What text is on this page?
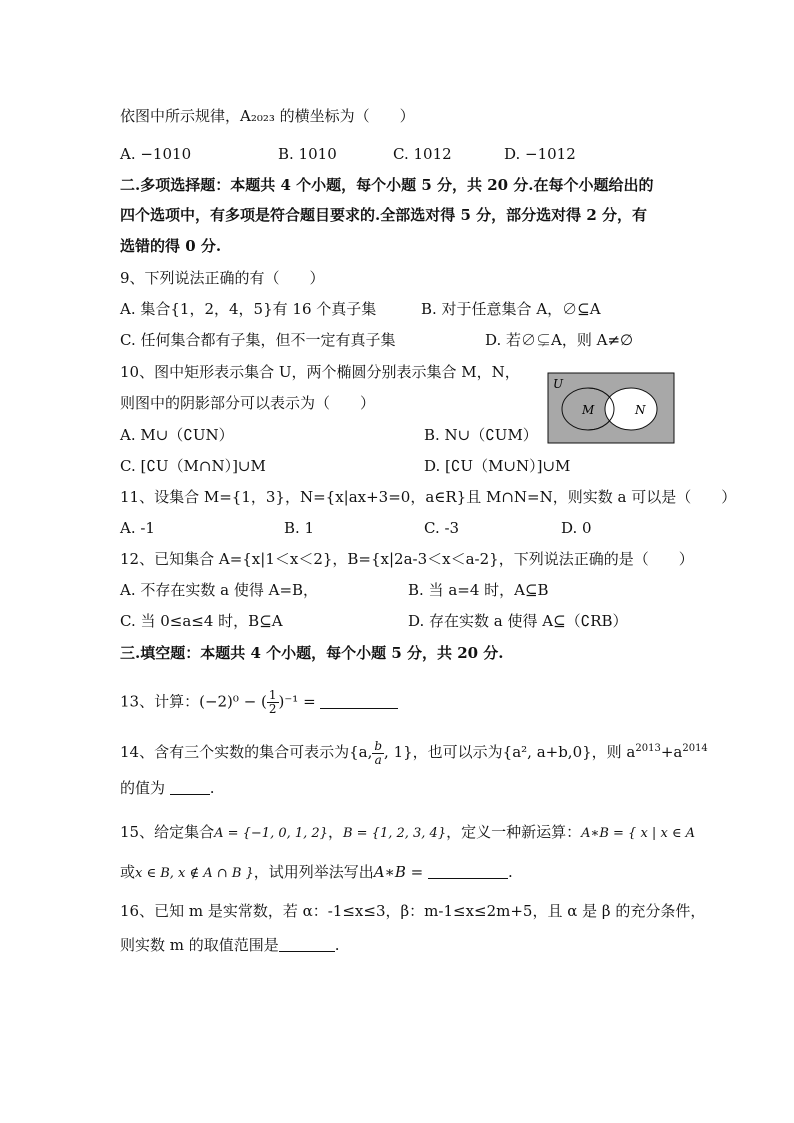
依图中所示规律，A₂₀₂₃ 的横坐标为（　　）
A. −1010	B. 1010	C. 1012	D. −1012
二.多项选择题：本题共 4 个小题，每个小题 5 分，共 20 分.在每个小题给出的
四个选项中，有多项是符合题目要求的.全部选对得 5 分，部分选对得 2 分，有
选错的得 0 分.
9、下列说法正确的有（　　）
A. 集合{1，2，4，5}有 16 个真子集	B. 对于任意集合 A，∅⊆A
C. 任何集合都有子集，但不一定有真子集	D. 若∅⊊A，则 A≠∅
10、图中矩形表示集合 U，两个椭圆分别表示集合 M，N，
则图中的阴影部分可以表示为（　　）
U
M	N
A. M∪（∁UN）	B. N∪（∁UM）
C. [∁U（M∩N）]∪M	D. [∁U（M∪N）]∪M
11、设集合 M={1，3}，N={x|ax+3=0，a∈R}且 M∩N=N，则实数 a 可以是（　　）
A. -1	B. 1	C. -3	D. 0
12、已知集合 A={x|1＜x＜2}，B={x|2a-3＜x＜a-2}，下列说法正确的是（　　）
A. 不存在实数 a 使得 A=B，	B. 当 a=4 时，A⊆B
C. 当 0≤a≤4 时，B⊆A	D. 存在实数 a 使得 A⊆（∁RB）
三.填空题：本题共 4 个小题，每个小题 5 分，共 20 分.
13、计算：(−2)⁰ − ( $\frac{1}{2} )^{-1}$ =
14、含有三个实数的集合可表示为{a, $\frac{b}{a}$ , 1}，也可以示为{a², a+b,0}，则 $a^{2013}+a^{2014}$
的值为	.
15、给定集合A = {−1, 0, 1, 2}，B = {1, 2, 3, 4}，定义一种新运算：A∗B = { x | x ∈ A
或x ∈ B, x ∉ A ∩ B }，试用列举法写出A∗B =	.
16、已知 m 是实常数，若 α：-1≤x≤3，β：m-1≤x≤2m+5，且 α 是 β 的充分条件，
则实数 m 的取值范围是	.
